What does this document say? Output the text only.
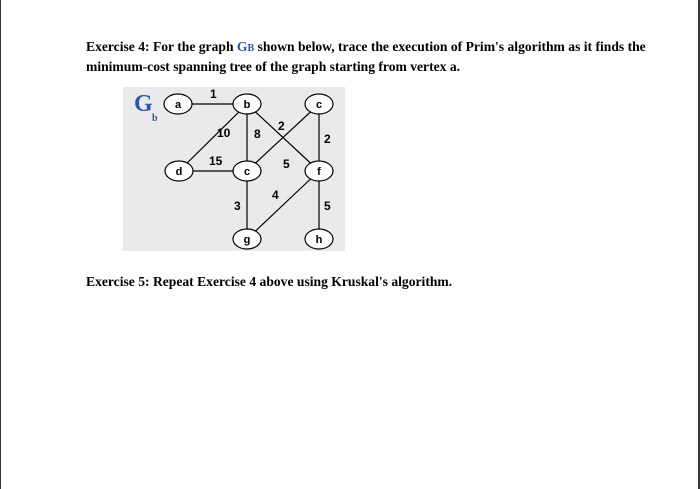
Exercise 4: For the graph GB shown below, trace the execution of Prim's algorithm as it finds the minimum-cost spanning tree of the graph starting from vertex a.
G
b
a	b	c
d	c	f
g	h
1
8
10
5
2
2
15
3
4
5
Exercise 5: Repeat Exercise 4 above using Kruskal's algorithm.
